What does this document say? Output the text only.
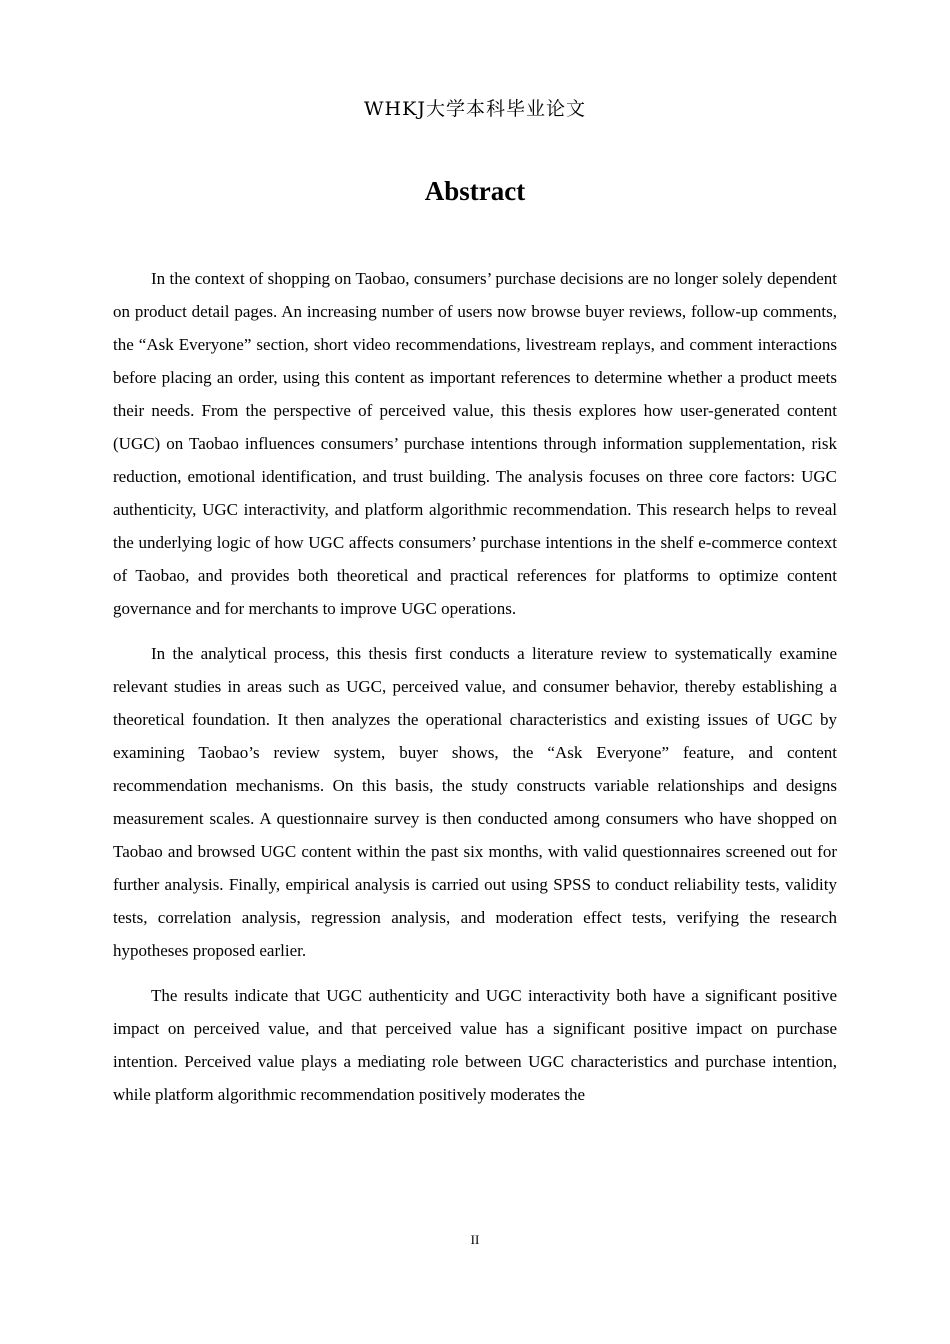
WHKJ大学本科毕业论文
Abstract

In the context of shopping on Taobao, consumers’ purchase decisions are no longer solely dependent on product detail pages. An increasing number of users now browse buyer reviews, follow-up comments, the “Ask Everyone” section, short video recommendations, livestream replays, and comment interactions before placing an order, using this content as important references to determine whether a product meets their needs. From the perspective of perceived value, this thesis explores how user-generated content (UGC) on Taobao influences consumers’ purchase intentions through information supplementation, risk reduction, emotional identification, and trust building. The analysis focuses on three core factors: UGC authenticity, UGC interactivity, and platform algorithmic recommendation. This research helps to reveal the underlying logic of how UGC affects consumers’ purchase intentions in the shelf e-commerce context of Taobao, and provides both theoretical and practical references for platforms to optimize content governance and for merchants to improve UGC operations.

In the analytical process, this thesis first conducts a literature review to systematically examine relevant studies in areas such as UGC, perceived value, and consumer behavior, thereby establishing a theoretical foundation. It then analyzes the operational characteristics and existing issues of UGC by examining Taobao’s review system, buyer shows, the “Ask Everyone” feature, and content recommendation mechanisms. On this basis, the study constructs variable relationships and designs measurement scales. A questionnaire survey is then conducted among consumers who have shopped on Taobao and browsed UGC content within the past six months, with valid questionnaires screened out for further analysis. Finally, empirical analysis is carried out using SPSS to conduct reliability tests, validity tests, correlation analysis, regression analysis, and moderation effect tests, verifying the research hypotheses proposed earlier.

The results indicate that UGC authenticity and UGC interactivity both have a significant positive impact on perceived value, and that perceived value has a significant positive impact on purchase intention. Perceived value plays a mediating role between UGC characteristics and purchase intention, while platform algorithmic recommendation positively moderates the

II
